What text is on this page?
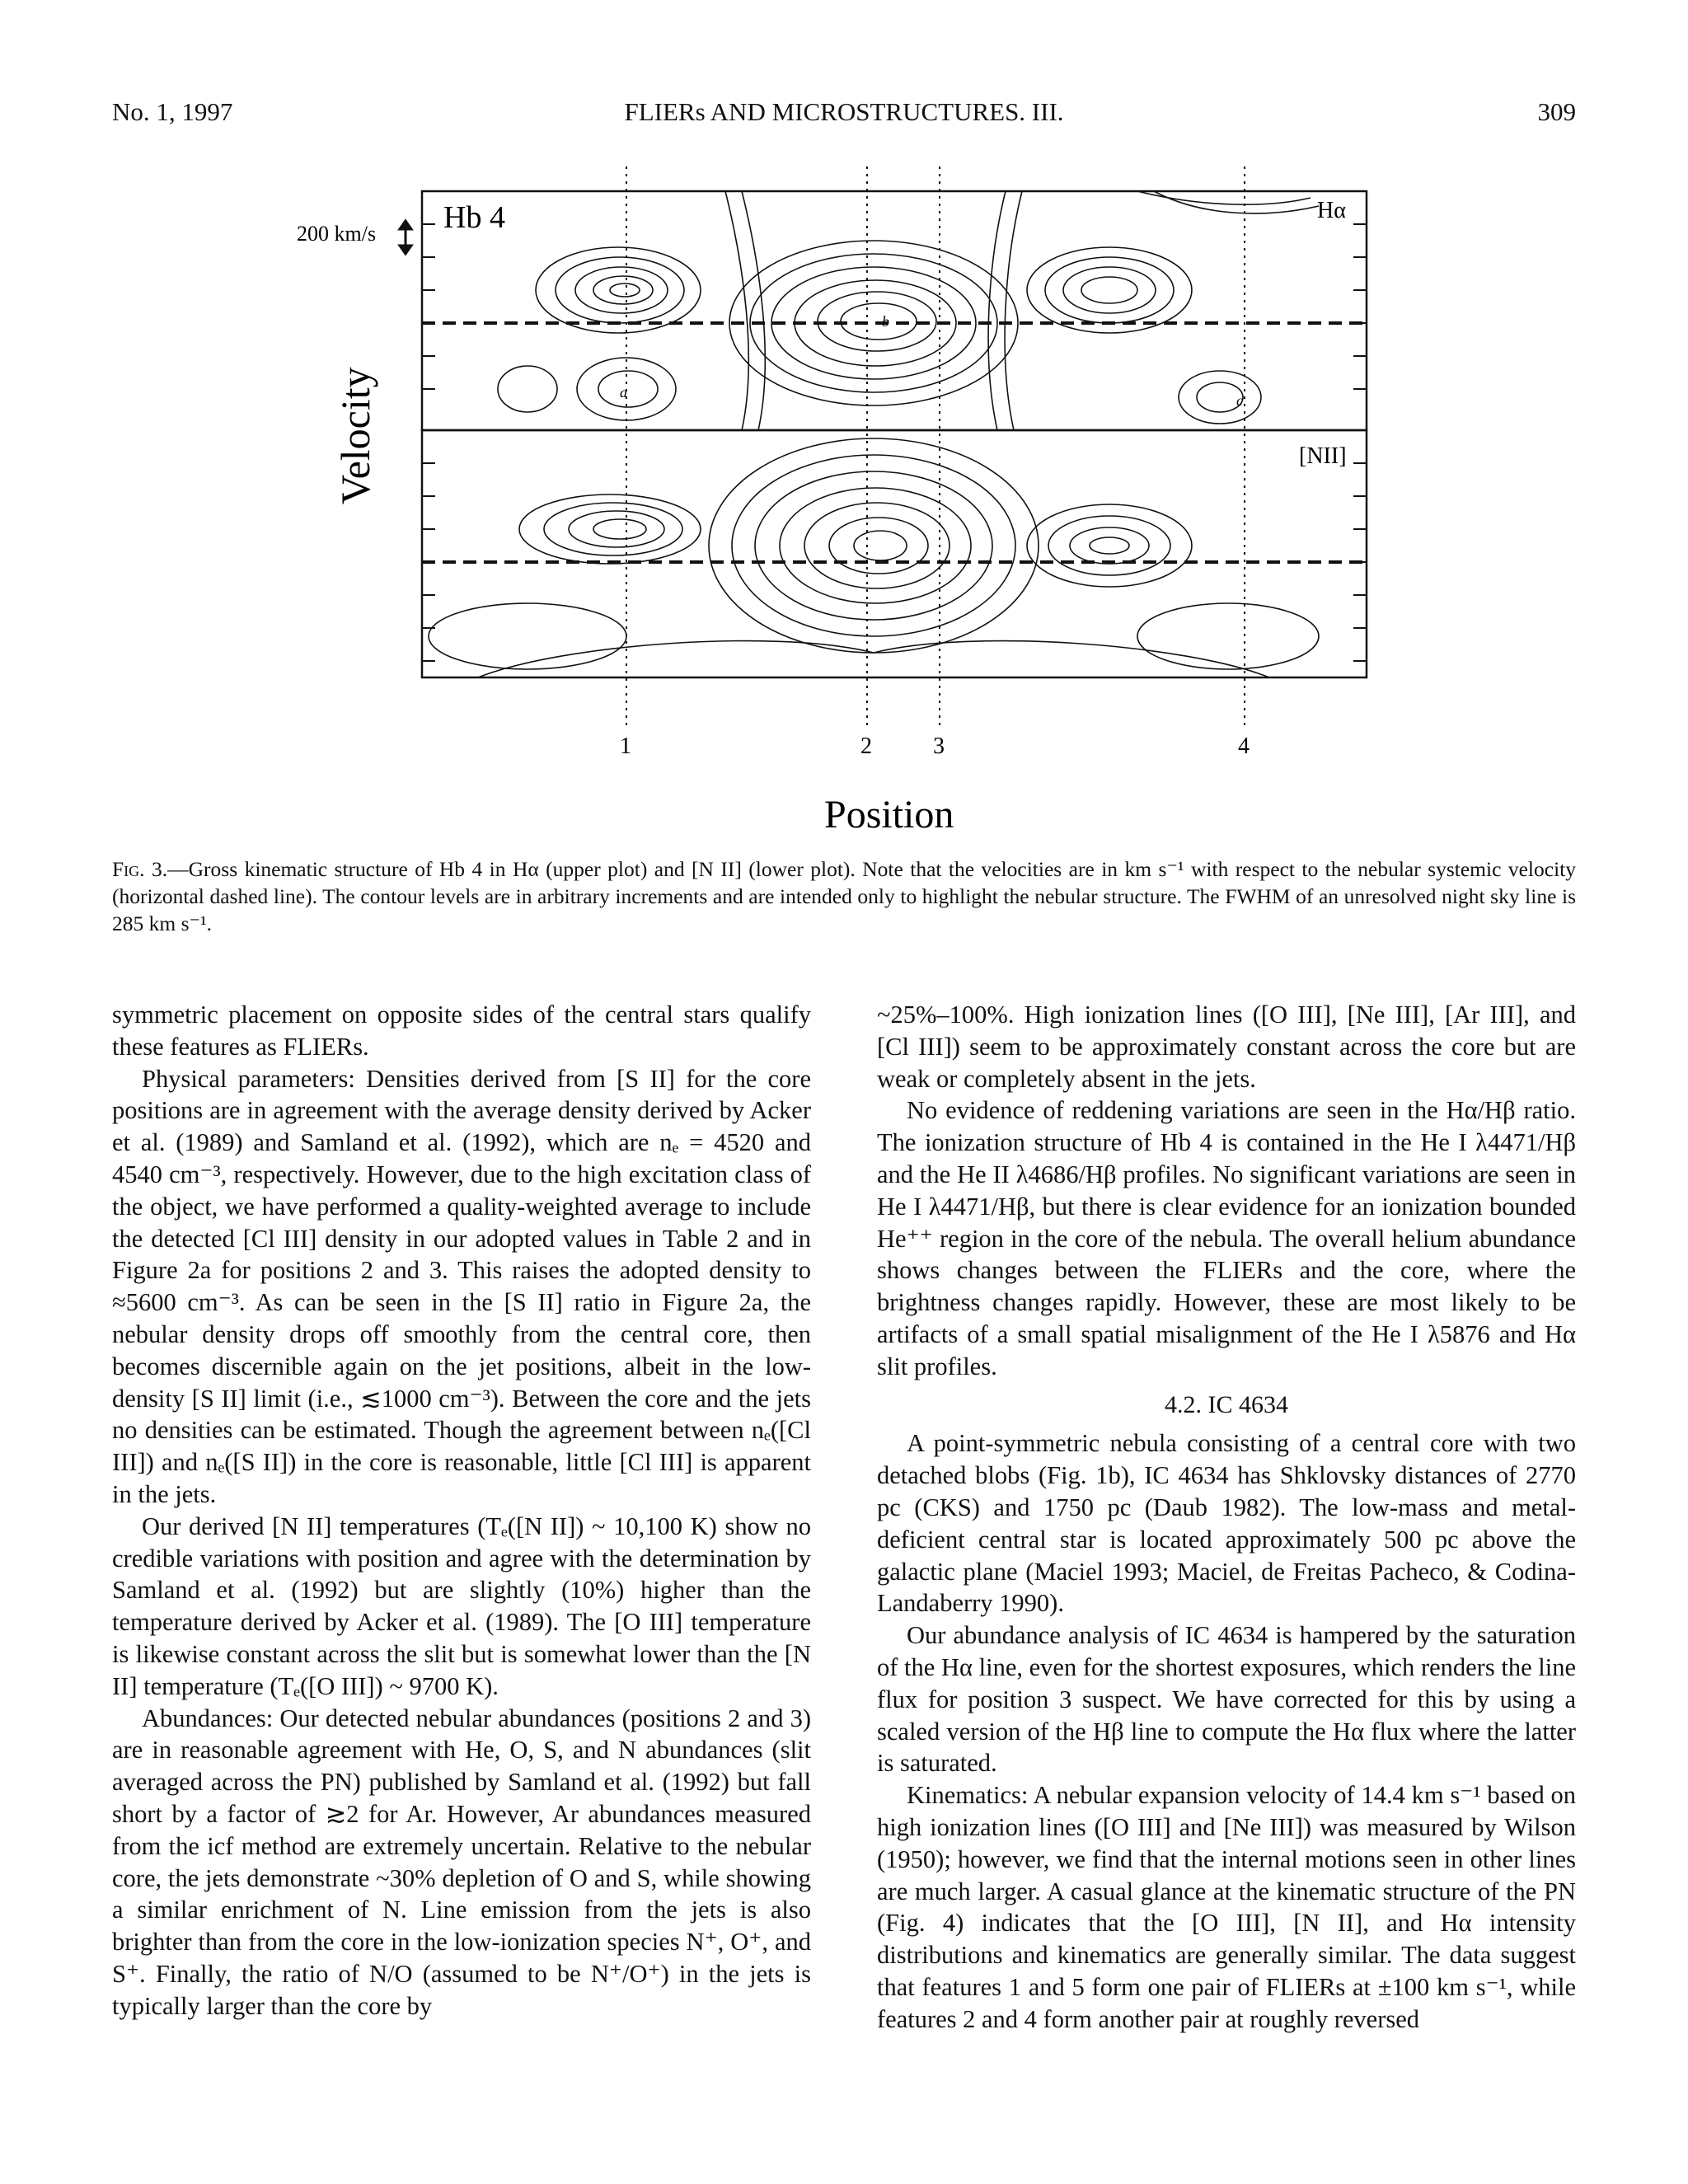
No. 1, 1997	FLIERs AND MICROSTRUCTURES. III.	309
200 km/s
Velocity
Hb 4	Hα
[NII]
a
b
c
1	2	3	4
Position
Fig. 3.—Gross kinematic structure of Hb 4 in Hα (upper plot) and [N II] (lower plot). Note that the velocities are in km s⁻¹ with respect to the nebular systemic velocity (horizontal dashed line). The contour levels are in arbitrary increments and are intended only to highlight the nebular structure. The FWHM of an unresolved night sky line is 285 km s⁻¹.

symmetric placement on opposite sides of the central stars qualify these features as FLIERs.

Physical parameters: Densities derived from [S II] for the core positions are in agreement with the average density derived by Acker et al. (1989) and Samland et al. (1992), which are nₑ = 4520 and 4540 cm⁻³, respectively. However, due to the high excitation class of the object, we have performed a quality-weighted average to include the detected [Cl III] density in our adopted values in Table 2 and in Figure 2a for positions 2 and 3. This raises the adopted density to ≈5600 cm⁻³. As can be seen in the [S II] ratio in Figure 2a, the nebular density drops off smoothly from the central core, then becomes discernible again on the jet positions, albeit in the low-density [S II] limit (i.e., ≲1000 cm⁻³). Between the core and the jets no densities can be estimated. Though the agreement between nₑ([Cl III]) and nₑ([S II]) in the core is reasonable, little [Cl III] is apparent in the jets.

Our derived [N II] temperatures (Tₑ([N II]) ~ 10,100 K) show no credible variations with position and agree with the determination by Samland et al. (1992) but are slightly (10%) higher than the temperature derived by Acker et al. (1989). The [O III] temperature is likewise constant across the slit but is somewhat lower than the [N II] temperature (Tₑ([O III]) ~ 9700 K).

Abundances: Our detected nebular abundances (positions 2 and 3) are in reasonable agreement with He, O, S, and N abundances (slit averaged across the PN) published by Samland et al. (1992) but fall short by a factor of ≳2 for Ar. However, Ar abundances measured from the icf method are extremely uncertain. Relative to the nebular core, the jets demonstrate ~30% depletion of O and S, while showing a similar enrichment of N. Line emission from the jets is also brighter than from the core in the low-ionization species N⁺, O⁺, and S⁺. Finally, the ratio of N/O (assumed to be N⁺/O⁺) in the jets is typically larger than the core by

~25%–100%. High ionization lines ([O III], [Ne III], [Ar III], and [Cl III]) seem to be approximately constant across the core but are weak or completely absent in the jets.

No evidence of reddening variations are seen in the Hα/Hβ ratio. The ionization structure of Hb 4 is contained in the He I λ4471/Hβ and the He II λ4686/Hβ profiles. No significant variations are seen in He I λ4471/Hβ, but there is clear evidence for an ionization bounded He⁺⁺ region in the core of the nebula. The overall helium abundance shows changes between the FLIERs and the core, where the brightness changes rapidly. However, these are most likely to be artifacts of a small spatial misalignment of the He I λ5876 and Hα slit profiles.

4.2. IC 4634

A point-symmetric nebula consisting of a central core with two detached blobs (Fig. 1b), IC 4634 has Shklovsky distances of 2770 pc (CKS) and 1750 pc (Daub 1982). The low-mass and metal-deficient central star is located approximately 500 pc above the galactic plane (Maciel 1993; Maciel, de Freitas Pacheco, & Codina-Landaberry 1990).

Our abundance analysis of IC 4634 is hampered by the saturation of the Hα line, even for the shortest exposures, which renders the line flux for position 3 suspect. We have corrected for this by using a scaled version of the Hβ line to compute the Hα flux where the latter is saturated.

Kinematics: A nebular expansion velocity of 14.4 km s⁻¹ based on high ionization lines ([O III] and [Ne III]) was measured by Wilson (1950); however, we find that the internal motions seen in other lines are much larger. A casual glance at the kinematic structure of the PN (Fig. 4) indicates that the [O III], [N II], and Hα intensity distributions and kinematics are generally similar. The data suggest that features 1 and 5 form one pair of FLIERs at ±100 km s⁻¹, while features 2 and 4 form another pair at roughly reversed
